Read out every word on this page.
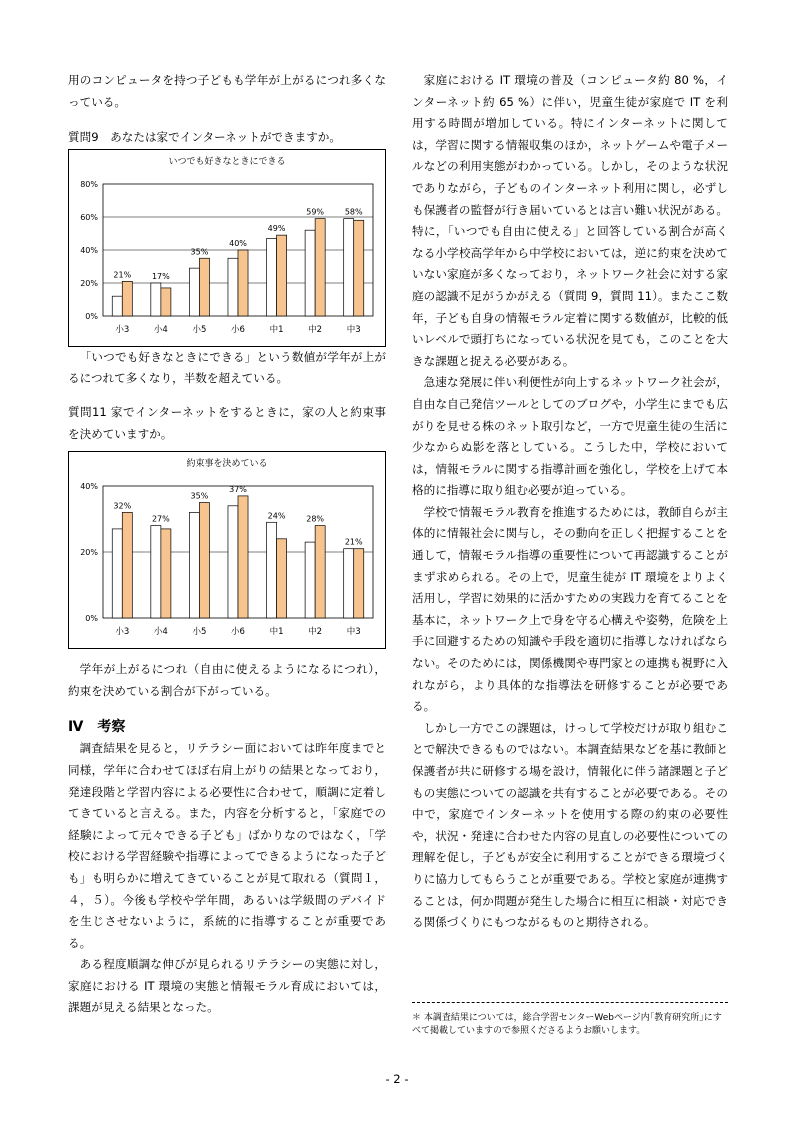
用のコンピュータを持つ子どもも学年が上がるにつれ多くなっている。

質問9　あなたは家でインターネットができますか。

いつでも好きなときにできる
0%
20%
40%
60%
80%
21%
小3
17%
小4
35%
小5
40%
小6
49%
中1
59%
中2
58%
中3

「いつでも好きなときにできる」という数値が学年が上がるにつれて多くなり，半数を超えている。

質問11 家でインターネットをするときに，家の人と約束事を決めていますか。

約束事を決めている
0%
20%
40%
32%
小3
27%
小4
35%
小5
37%
小6
24%
中1
28%
中2
21%
中3

学年が上がるにつれ（自由に使えるようになるにつれ），約束を決めている割合が下がっている。

Ⅳ　考察

調査結果を見ると，リテラシー面においては昨年度までと同様，学年に合わせてほぼ右肩上がりの結果となっており，発達段階と学習内容による必要性に合わせて，順調に定着してきていると言える。また，内容を分析すると，「家庭での経験によって元々できる子ども」ばかりなのではなく，「学校における学習経験や指導によってできるようになった子ども」も明らかに増えてきていることが見て取れる（質問１，４，５）。今後も学校や学年間，あるいは学級間のデバイドを生じさせないように，系統的に指導することが重要である。

ある程度順調な伸びが見られるリテラシーの実態に対し，家庭における IT 環境の実態と情報モラル育成においては，課題が見える結果となった。

家庭における IT 環境の普及（コンピュータ約 80 %，インターネット約 65 %）に伴い，児童生徒が家庭で IT を利用する時間が増加している。特にインターネットに関しては，学習に関する情報収集のほか，ネットゲームや電子メールなどの利用実態がわかっている。しかし，そのような状況でありながら，子どものインターネット利用に関し，必ずしも保護者の監督が行き届いているとは言い難い状況がある。特に，「いつでも自由に使える」と回答している割合が高くなる小学校高学年から中学校においては，逆に約束を決めていない家庭が多くなっており，ネットワーク社会に対する家庭の認識不足がうかがえる（質問 9，質問 11）。またここ数年，子ども自身の情報モラル定着に関する数値が，比較的低いレベルで頭打ちになっている状況を見ても，このことを大きな課題と捉える必要がある。

急速な発展に伴い利便性が向上するネットワーク社会が，自由な自己発信ツールとしてのブログや，小学生にまでも広がりを見せる株のネット取引など，一方で児童生徒の生活に少なからぬ影を落としている。こうした中，学校においては，情報モラルに関する指導計画を強化し，学校を上げて本格的に指導に取り組む必要が迫っている。

学校で情報モラル教育を推進するためには，教師自らが主体的に情報社会に関与し，その動向を正しく把握することを通して，情報モラル指導の重要性について再認識することがまず求められる。その上で，児童生徒が IT 環境をよりよく活用し，学習に効果的に活かすための実践力を育てることを基本に，ネットワーク上で身を守る心構えや姿勢，危険を上手に回避するための知識や手段を適切に指導しなければならない。そのためには，関係機関や専門家との連携も視野に入れながら，より具体的な指導法を研修することが必要である。

しかし一方でこの課題は，けっして学校だけが取り組むことで解決できるものではない。本調査結果などを基に教師と保護者が共に研修する場を設け，情報化に伴う諸課題と子どもの実態についての認識を共有することが必要である。その中で，家庭でインターネットを使用する際の約束の必要性や，状況・発達に合わせた内容の見直しの必要性についての理解を促し，子どもが安全に利用することができる環境づくりに協力してもらうことが重要である。学校と家庭が連携することは，何か問題が発生した場合に相互に相談・対応できる関係づくりにもつながるものと期待される。

＊ 本調査結果については，総合学習センターWebページ内｢教育研究所｣にすべて掲載していますので参照くださるようお願いします。
- 2 -
